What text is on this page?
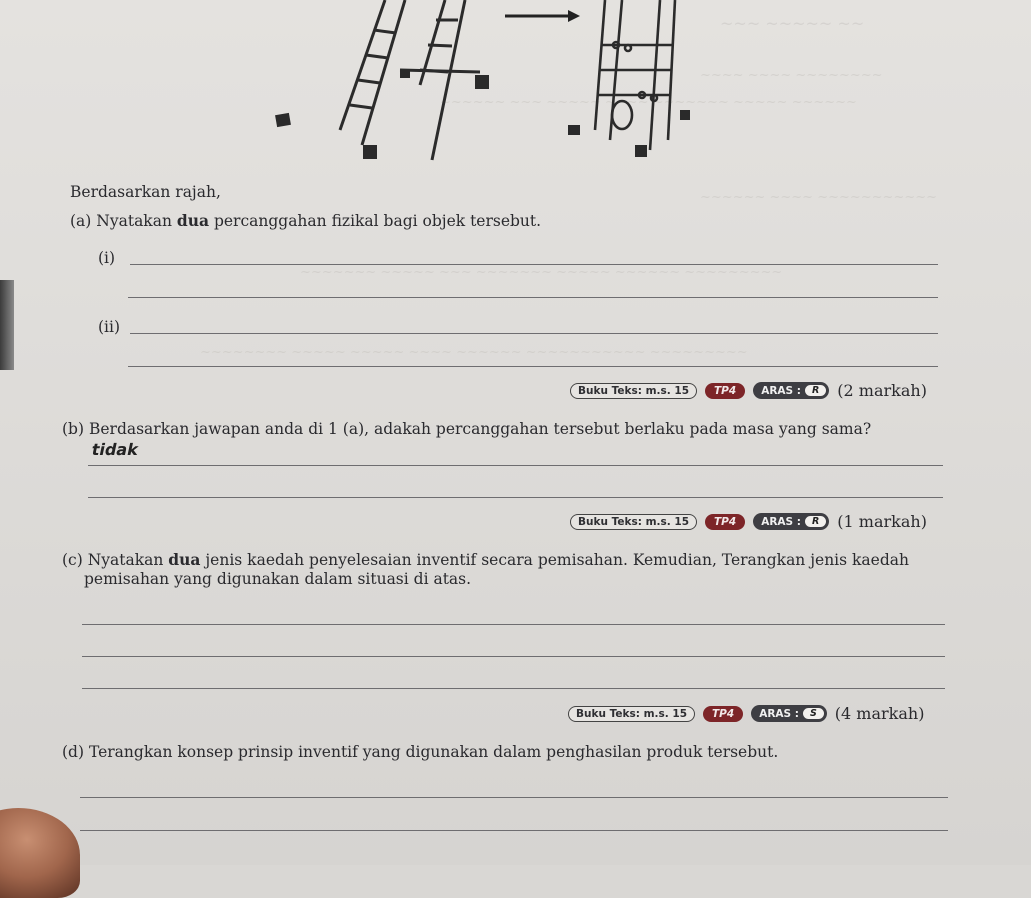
~~~ ~~~~~ ~~
~~~~ ~~~~ ~~~~~~~~
~~~~~~ ~~~ ~~~~~ ~~~~ ~~~~~~~ ~~~~~ ~~~~~~
~~~~~~ ~~~~ ~~~~~~~~~~~
~~~~~~~ ~~~~~ ~~~ ~~~~~~~ ~~~~~ ~~~~~~ ~~~~~~~~~
~~~~~~~~ ~~~~~ ~~~~~ ~~~~ ~~~~~~ ~~~~~~~~~~~ ~~~~~~~~~
Berdasarkan rajah,
(a) Nyatakan dua percanggahan fizikal bagi objek tersebut.
(i)
(ii)
Buku Teks: m.s. 15	TP4	ARAS :	R	(2 markah)
(b) Berdasarkan jawapan anda di 1 (a), adakah percanggahan tersebut berlaku pada masa yang sama?
tidak
Buku Teks: m.s. 15	TP4	ARAS :	R	(1 markah)
(c) Nyatakan dua jenis kaedah penyelesaian inventif secara pemisahan. Kemudian, Terangkan jenis kaedah
pemisahan yang digunakan dalam situasi di atas.
Buku Teks: m.s. 15	TP4	ARAS :	S	(4 markah)
(d) Terangkan konsep prinsip inventif yang digunakan dalam penghasilan produk tersebut.
